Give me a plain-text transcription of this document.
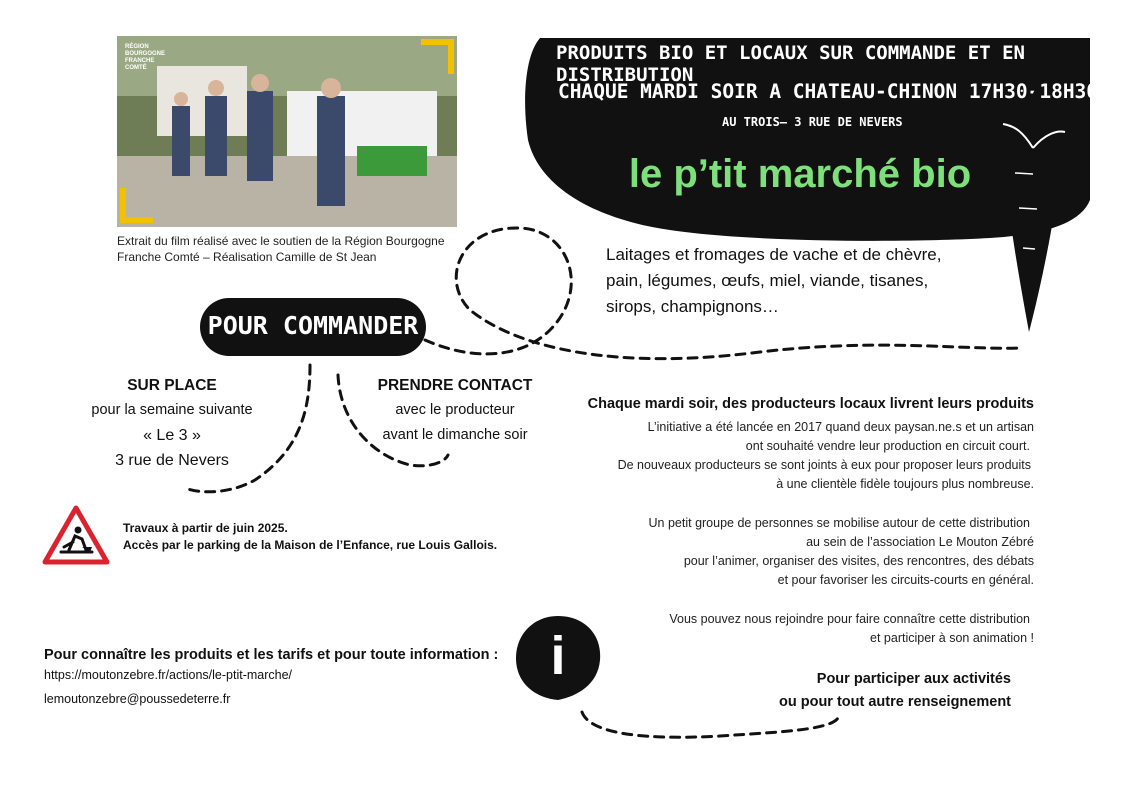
RÉGION
BOURGOGNE
FRANCHE
COMTÉ
Extrait du film réalisé avec le soutien de la Région Bourgogne
Franche Comté – Réalisation Camille de St Jean
PRODUITS BIO ET LOCAUX SUR COMMANDE ET EN DISTRIBUTION
CHAQUE MARDI SOIR A CHATEAU-CHINON 17H30-18H30
AU TROIS– 3 RUE DE NEVERS
le p’tit marché bio
Laitages et fromages de vache et de chèvre,
pain, légumes, œufs, miel, viande, tisanes,
sirops, champignons…
POUR COMMANDER
SUR PLACE
pour la semaine suivante
« Le 3 »
3 rue de Nevers
PRENDRE CONTACT
avec le producteur
avant le dimanche soir
Travaux à partir de juin 2025.
Accès par le parking de la Maison de l’Enfance, rue Louis Gallois.
Pour connaître les produits et les tarifs et pour toute information :
https://moutonzebre.fr/actions/le-ptit-marche/
lemoutonzebre@poussedeterre.fr
i
Chaque mardi soir, des producteurs locaux livrent leurs produits
L’initiative a été lancée en 2017 quand deux paysan.ne.s et un artisan
ont souhaité vendre leur production en circuit court.
De nouveaux producteurs se sont joints à eux pour proposer leurs produits
à une clientèle fidèle toujours plus nombreuse.
Un petit groupe de personnes se mobilise autour de cette distribution
au sein de l’association Le Mouton Zébré
pour l’animer, organiser des visites, des rencontres, des débats
et pour favoriser les circuits-courts en général.
Vous pouvez nous rejoindre pour faire connaître cette distribution
et participer à son animation !
Pour participer aux activités
ou pour tout autre renseignement
